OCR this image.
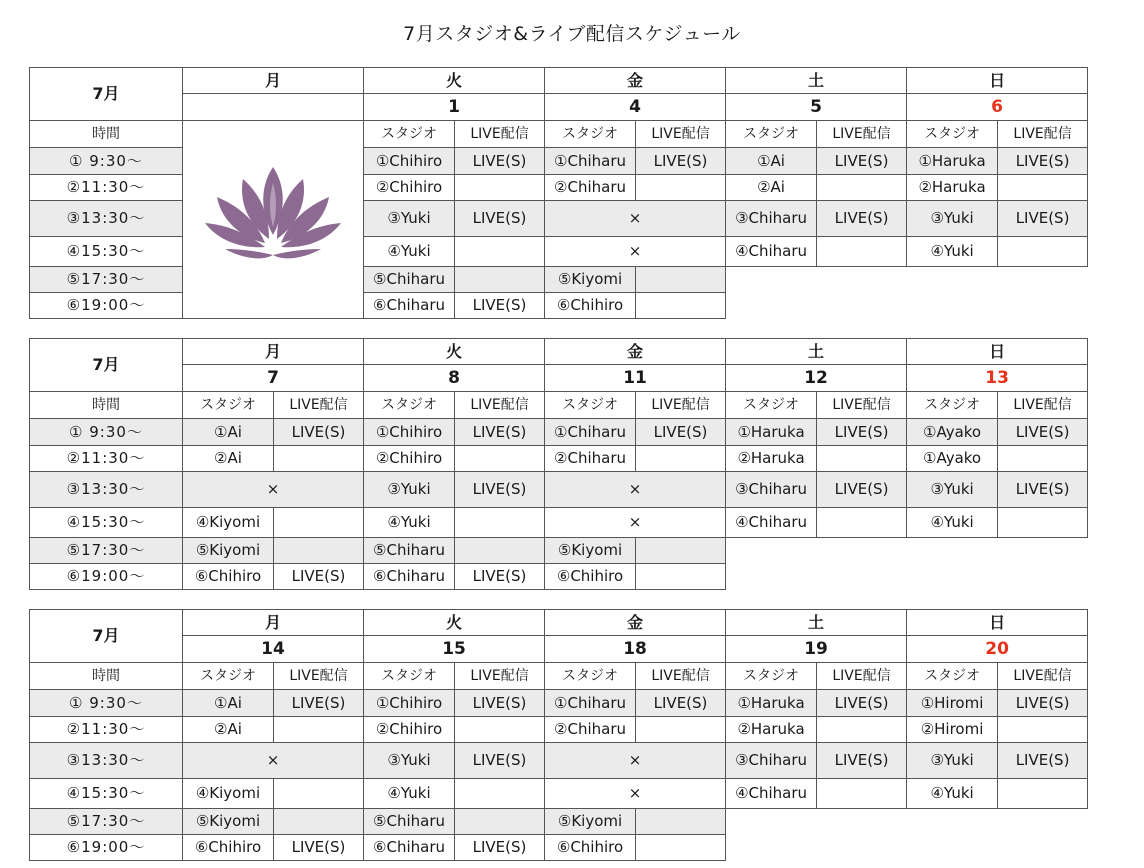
7月スタジオ&ライブ配信スケジュール
7月	月	火		金		土		日	
		1		4		5		6	
時間		スタジオ	LIVE配信	スタジオ	LIVE配信	スタジオ	LIVE配信	スタジオ	LIVE配信
① 9:30〜		①Chihiro	LIVE(S)	①Chiharu	LIVE(S)	①Ai	LIVE(S)	①Haruka	LIVE(S)
②11:30〜		②Chihiro		②Chiharu		②Ai		②Haruka	
③13:30〜		③Yuki	LIVE(S)	×		③Chiharu	LIVE(S)	③Yuki	LIVE(S)
④15:30〜		④Yuki		×		④Chiharu		④Yuki	
⑤17:30〜		⑤Chiharu		⑤Kiyomi					
⑥19:00〜		⑥Chiharu	LIVE(S)	⑥Chihiro					
7月	月		火		金		土		日	
	7		8		11		12		13	
時間	スタジオ	LIVE配信	スタジオ	LIVE配信	スタジオ	LIVE配信	スタジオ	LIVE配信	スタジオ	LIVE配信
① 9:30〜	①Ai	LIVE(S)	①Chihiro	LIVE(S)	①Chiharu	LIVE(S)	①Haruka	LIVE(S)	①Ayako	LIVE(S)
②11:30〜	②Ai		②Chihiro		②Chiharu		②Haruka		①Ayako	
③13:30〜	×		③Yuki	LIVE(S)	×		③Chiharu	LIVE(S)	③Yuki	LIVE(S)
④15:30〜	④Kiyomi		④Yuki		×		④Chiharu		④Yuki	
⑤17:30〜	⑤Kiyomi		⑤Chiharu		⑤Kiyomi					
⑥19:00〜	⑥Chihiro	LIVE(S)	⑥Chiharu	LIVE(S)	⑥Chihiro					
7月	月		火		金		土		日	
	14		15		18		19		20	
時間	スタジオ	LIVE配信	スタジオ	LIVE配信	スタジオ	LIVE配信	スタジオ	LIVE配信	スタジオ	LIVE配信
① 9:30〜	①Ai	LIVE(S)	①Chihiro	LIVE(S)	①Chiharu	LIVE(S)	①Haruka	LIVE(S)	①Hiromi	LIVE(S)
②11:30〜	②Ai		②Chihiro		②Chiharu		②Haruka		②Hiromi	
③13:30〜	×		③Yuki	LIVE(S)	×		③Chiharu	LIVE(S)	③Yuki	LIVE(S)
④15:30〜	④Kiyomi		④Yuki		×		④Chiharu		④Yuki	
⑤17:30〜	⑤Kiyomi		⑤Chiharu		⑤Kiyomi					
⑥19:00〜	⑥Chihiro	LIVE(S)	⑥Chiharu	LIVE(S)	⑥Chihiro					
